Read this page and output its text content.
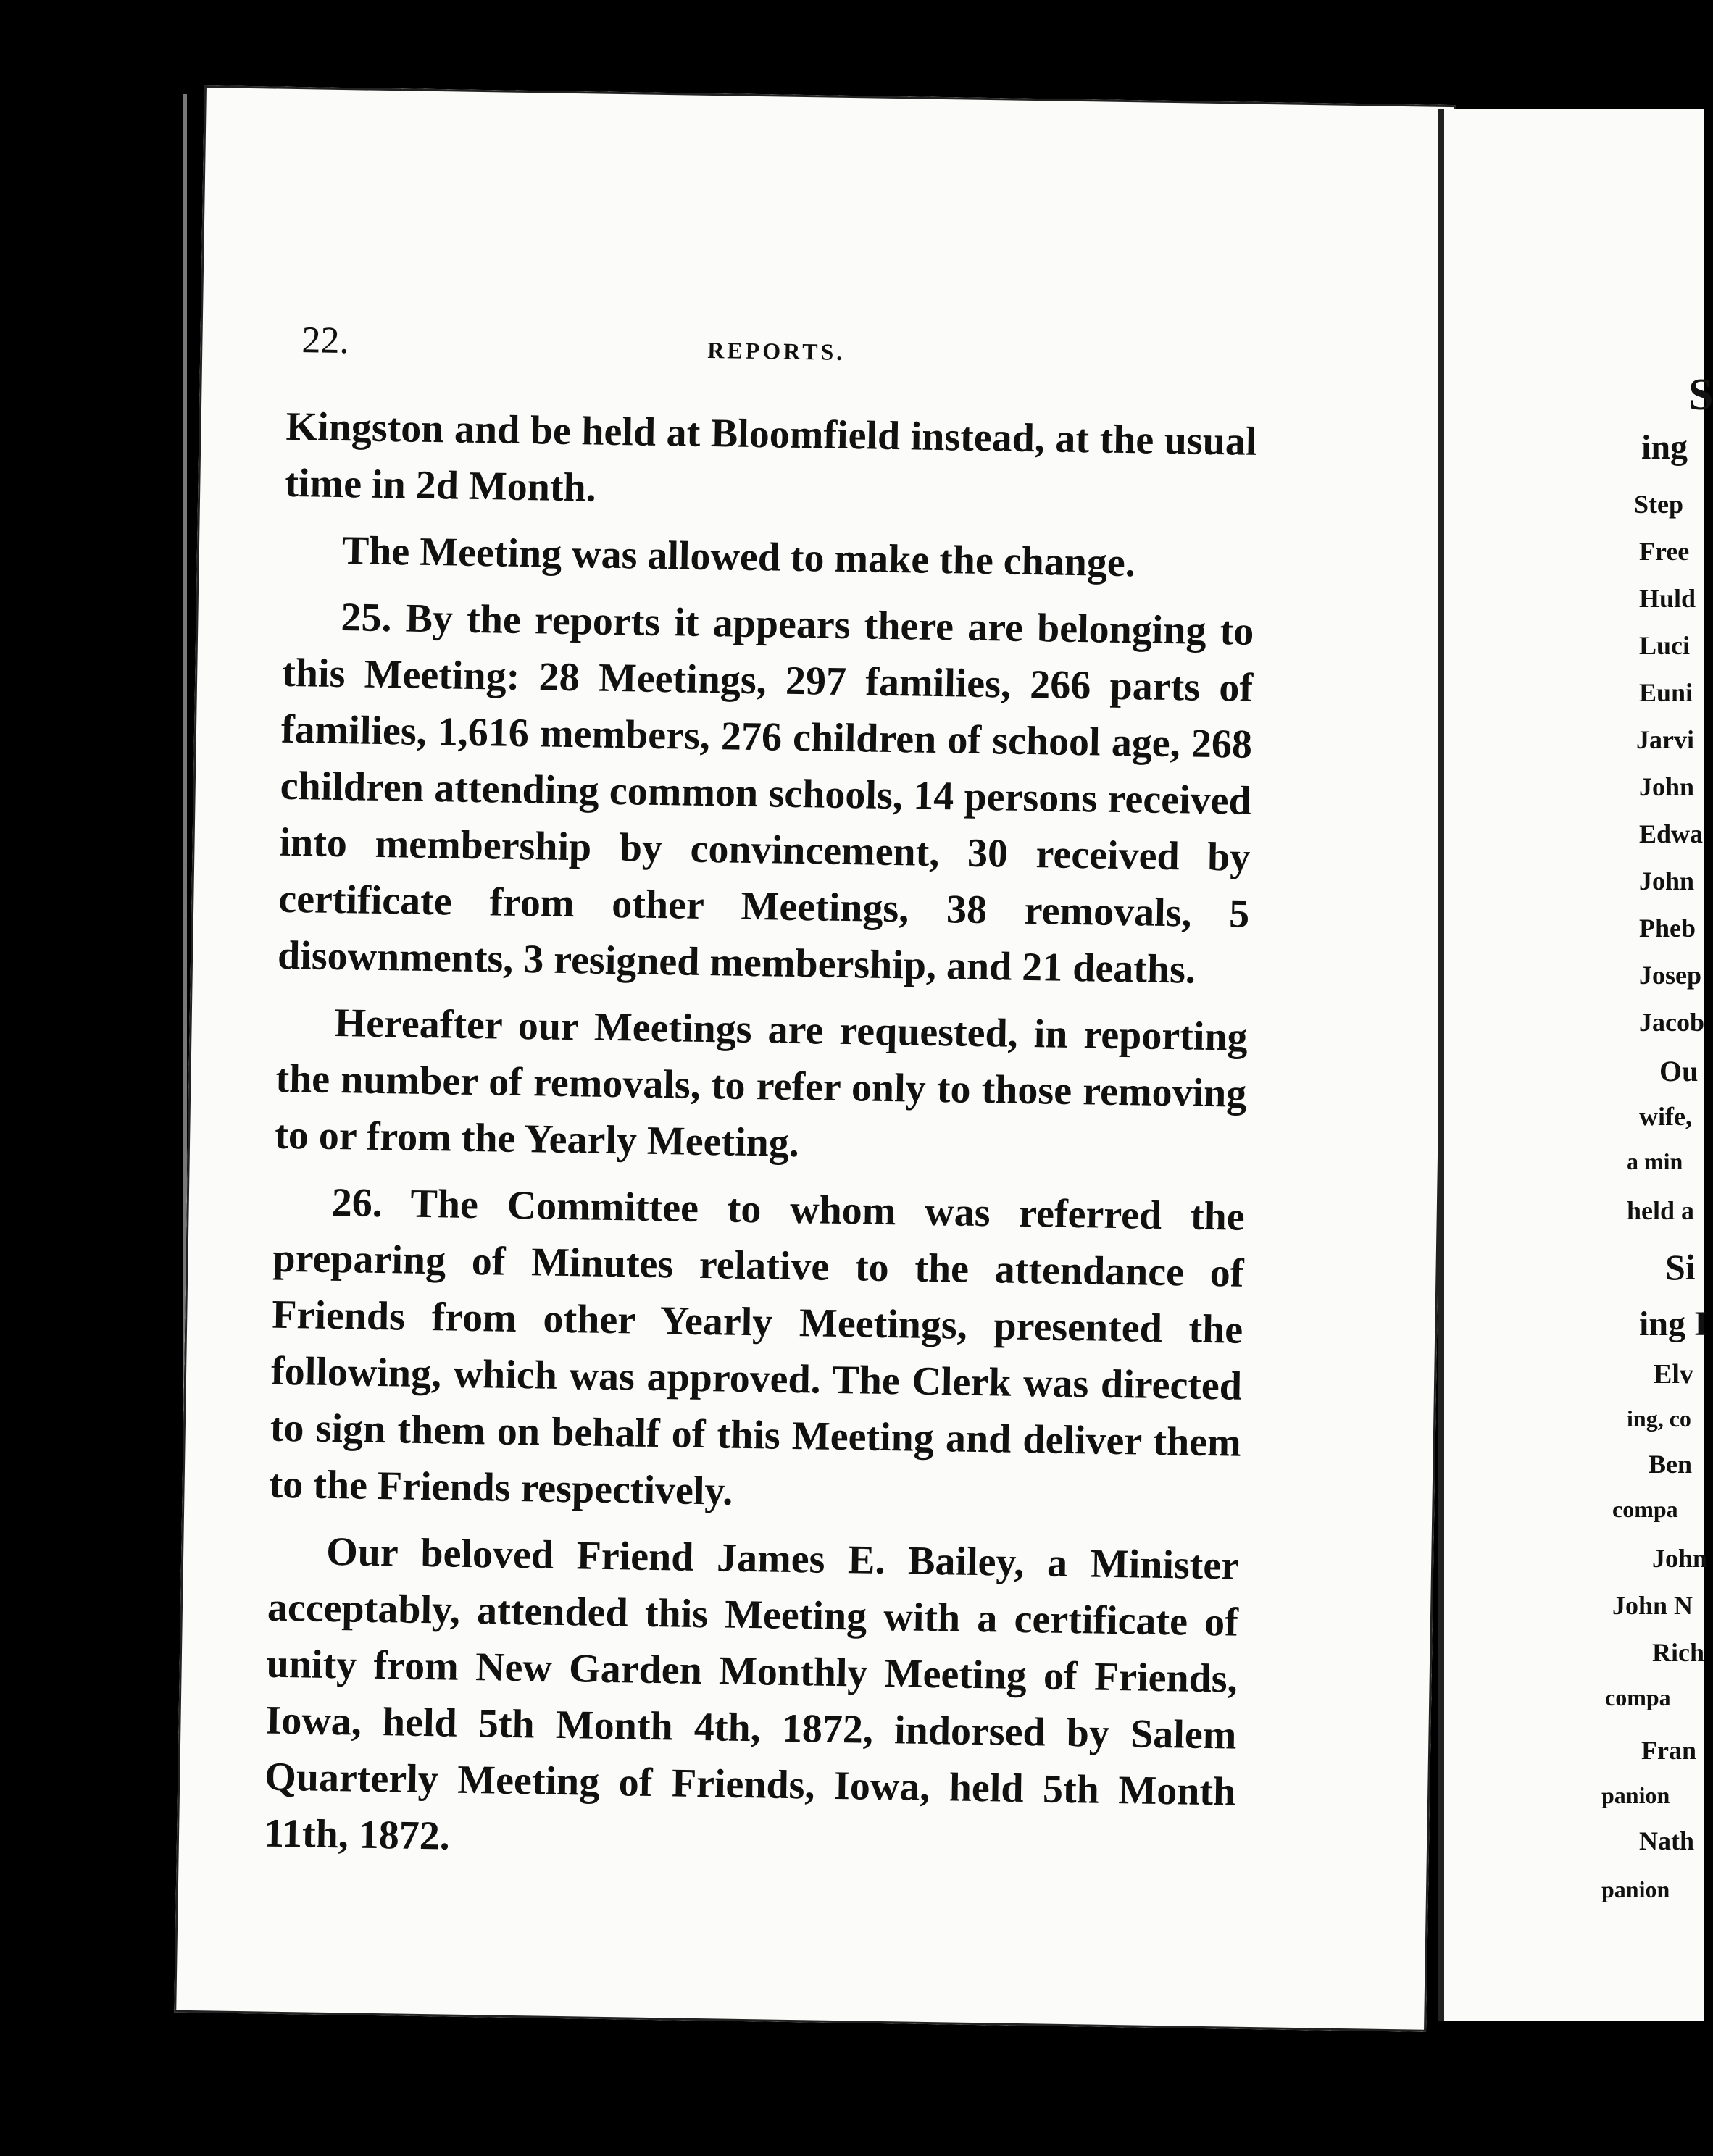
22.	REPORTS.

Kingston and be held at Bloomfield instead, at the usual time in 2d Month.

The Meeting was allowed to make the change.

25. By the reports it appears there are belonging to this Meeting: 28 Meetings, 297 families, 266 parts of families, 1,616 members, 276 children of school age, 268 children attending common schools, 14 persons received into membership by convincement, 30 received by certificate from other Meetings, 38 removals, 5 disownments, 3 resigned membership, and 21 deaths.

Hereafter our Meetings are requested, in reporting the number of removals, to refer only to those removing to or from the Yearly Meeting.

26. The Committee to whom was referred the preparing of Minutes relative to the attendance of Friends from other Yearly Meetings, presented the following, which was approved. The Clerk was directed to sign them on behalf of this Meeting and deliver them to the Friends respectively.

Our beloved Friend James E. Bailey, a Minister acceptably, attended this Meeting with a certificate of unity from New Garden Monthly Meeting of Friends, Iowa, held 5th Month 4th, 1872, indorsed by Salem Quarterly Meeting of Friends, Iowa, held 5th Month 11th, 1872.

S
ing
Step
Free
Huld
Luci
Euni
Jarvi
John
Edwa
John
Pheb
Josep
Jacob
Ou
wife,
a min
held a
Si
ing I
Elv
ing, co
Ben
compa
John
John N
Rich
compa
Fran
panion
Nath
panion
